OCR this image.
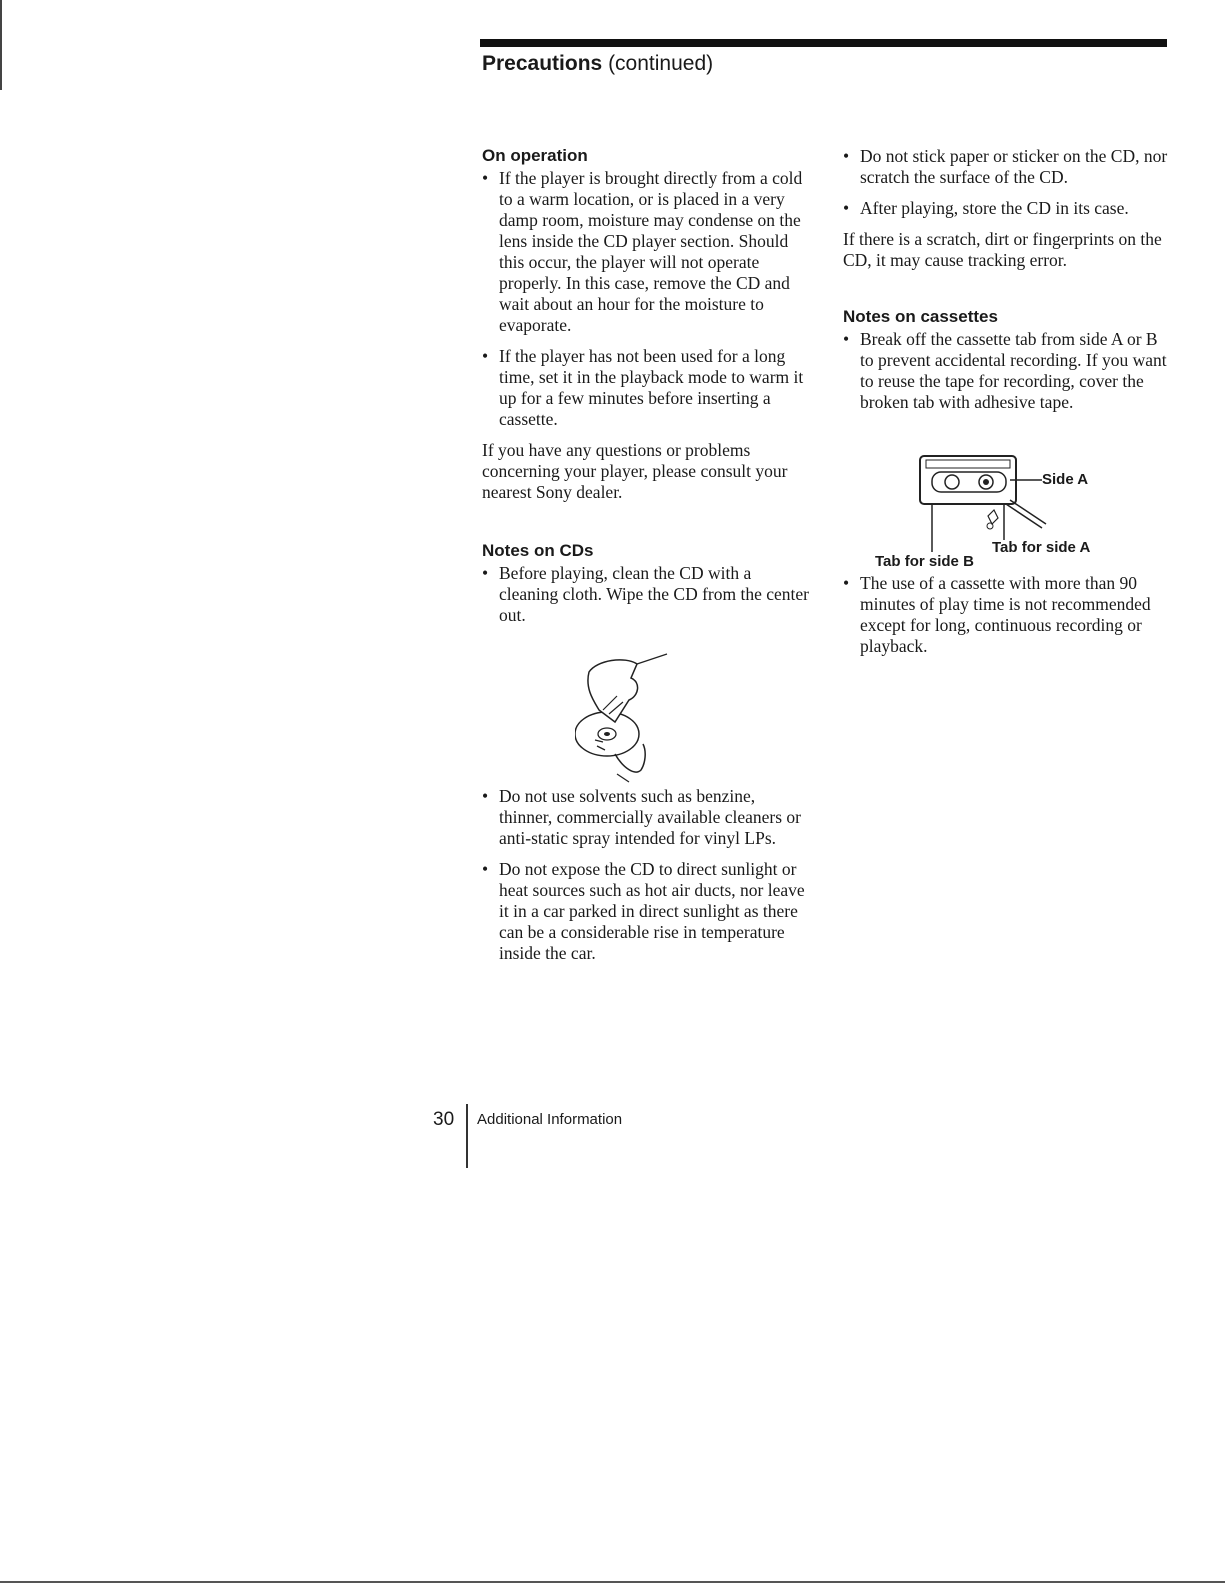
Precautions (continued)
On operation
• If the player is brought directly from a cold to a warm location, or is placed in a very damp room, moisture may condense on the lens inside the CD player section. Should this occur, the player will not operate properly. In this case, remove the CD and wait about an hour for the moisture to evaporate.
• If the player has not been used for a long time, set it in the playback mode to warm it up for a few minutes before inserting a cassette.

If you have any questions or problems concerning your player, please consult your nearest Sony dealer.

Notes on CDs
• Before playing, clean the CD with a cleaning cloth. Wipe the CD from the center out.
• Do not use solvents such as benzine, thinner, commercially available cleaners or anti-static spray intended for vinyl LPs.
• Do not expose the CD to direct sunlight or heat sources such as hot air ducts, nor leave it in a car parked in direct sunlight as there can be a considerable rise in temperature inside the car.
• Do not stick paper or sticker on the CD, nor scratch the surface of the CD.
• After playing, store the CD in its case.

If there is a scratch, dirt or fingerprints on the CD, it may cause tracking error.

Notes on cassettes
• Break off the cassette tab from side A or B to prevent accidental recording. If you want to reuse the tape for recording, cover the broken tab with adhesive tape.
• The use of a cassette with more than 90 minutes of play time is not recommended except for long, continuous recording or playback.
Side A
Tab for side A
Tab for side B
30 Additional Information
